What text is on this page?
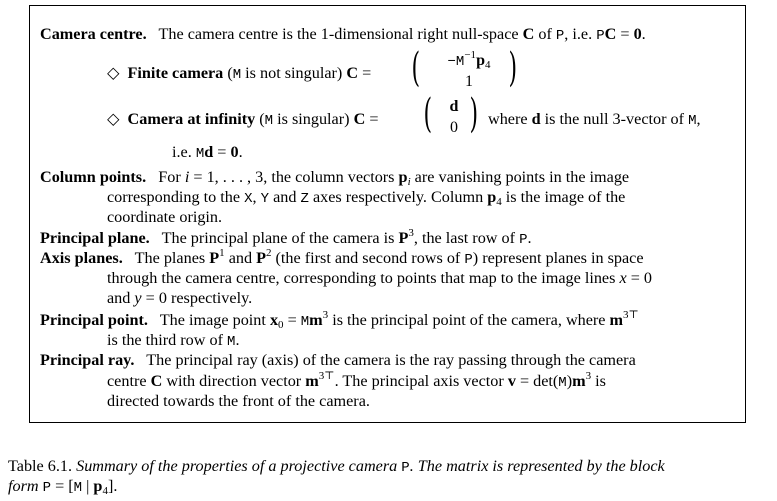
Camera centre. The camera centre is the 1-dimensional right null-space C of P, i.e. PC = 0.
◇ Finite camera (M is not singular) C = (	$-M^{-1}p_4$
1 )
◇ Camera at infinity (M is singular) C = (	d
0 ) where d is the null 3-vector of M,
i.e. Md = 0.
Column points. For i = 1, . . . , 3, the column vectors $p_i$ are vanishing points in the image
corresponding to the X, Y and Z axes respectively. Column $p_4$ is the image of the
coordinate origin.
Principal plane. The principal plane of the camera is $P^3$, the last row of P.
Axis planes. The planes $P^1$ and $P^2$ (the first and second rows of P) represent planes in space
through the camera centre, corresponding to points that map to the image lines x = 0
and y = 0 respectively.
Principal point. The image point $x_0 = Mm^3$ is the principal point of the camera, where $m^{3⊤}$
is the third row of M.
Principal ray. The principal ray (axis) of the camera is the ray passing through the camera
centre C with direction vector $m^{3⊤}$. The principal axis vector $v = \det(M)m^3$ is
directed towards the front of the camera.
Table 6.1. Summary of the properties of a projective camera P. The matrix is represented by the block
form P = [M | $p_4$].
